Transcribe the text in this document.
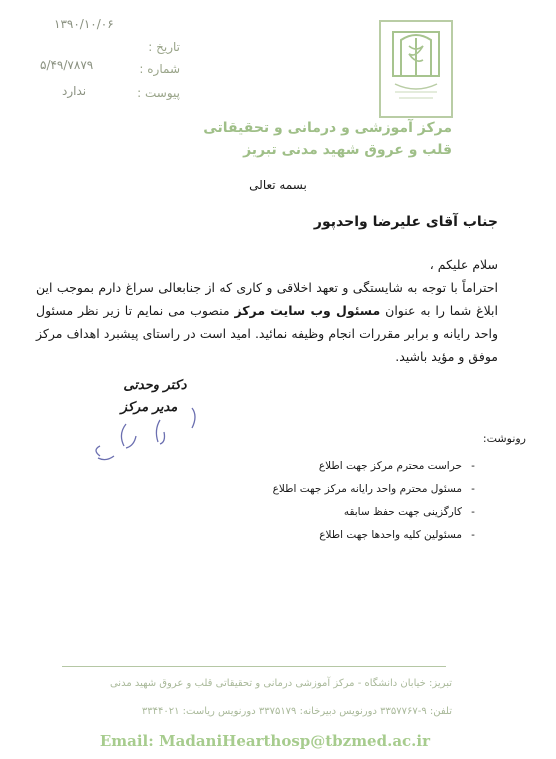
تاریخ :
۱۳۹۰/۱۰/۰۶
شماره :
۵/۴۹/۷۸۷۹
پیوست :
ندارد
مرکز آموزشی و درمانی و تحقیقاتی
قلب و عروق شهید مدنی تبریز
بسمه تعالی
جناب آقای علیرضا واحدپور
سلام علیکم ،
احتراماً با توجه به شایستگی و تعهد اخلاقی و کاری که از جنابعالی سراغ دارم بموجب این ابلاغ شما را به عنوان مسئول وب سایت مرکز منصوب می نمایم تا زیر نظر مسئول واحد رایانه و برابر مقررات انجام وظیفه نمائید. امید است در راستای پیشبرد اهداف مرکز موفق و مؤید باشید.
دکتر وحدتی
مدیر مرکز
رونوشت:
-
حراست محترم مرکز جهت اطلاع
-
مسئول محترم واحد رایانه مرکز جهت اطلاع
-
کارگزینی جهت حفظ سابقه
-
مسئولین کلیه واحدها جهت اطلاع
تبریز: خیابان دانشگاه - مرکز آموزشی درمانی و تحقیقاتی قلب و عروق شهید مدنی
تلفن: ۹-۳۳۵۷۷۶۷ دورنویس دبیرخانه: ۳۳۷۵۱۷۹ دورنویس ریاست: ۳۳۴۴۰۲۱
Email: MadaniHearthosp@tbzmed.ac.ir
